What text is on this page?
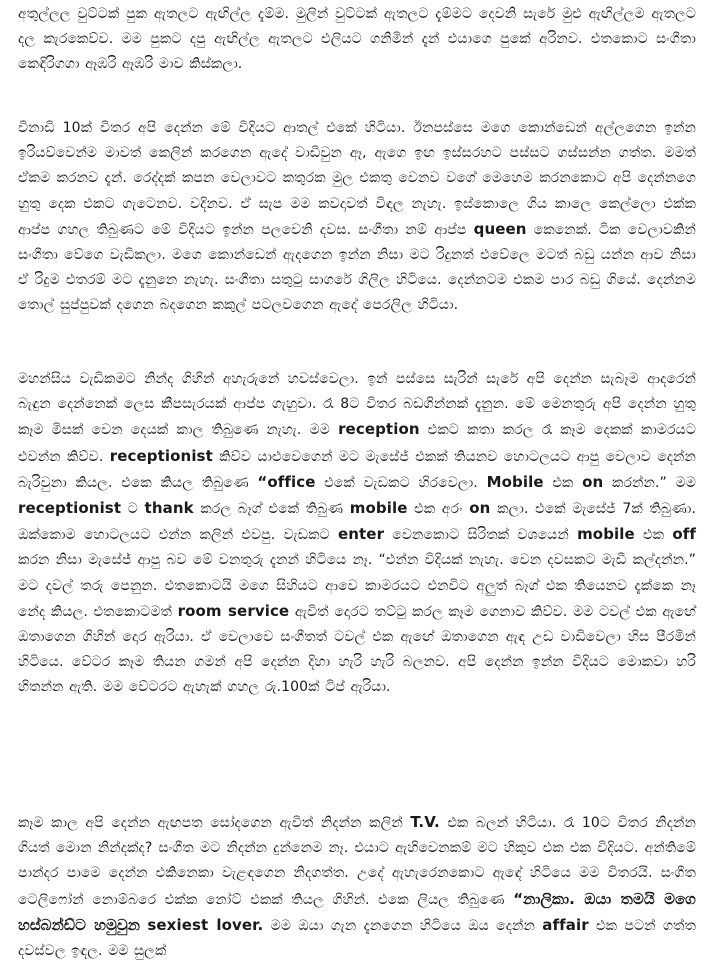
අතුල්ලල වුට්ටක් පුක ඇතලට ඇඟිල්ල දැම්ම. මුලින් වුට්ටක් ඇතලට දැම්මට දෙවනි සැරේ මුළු ඇඟිල්ලම ඇතලට දල කැරකෙව්ව. මම පුකට දපු ඇඟිල්ල ඇතලට එලියට ගනිමින් දැන් එයාගෙ පුකේ අරිනව. එතකොට සංගීතා කෙඳිරිගගා ඈඹරි ඈඹරි මාව කිස්කලා.

විනාඩි 10ක් විතර අපි දෙන්න මේ විදියට ආතල් එකේ හිටියා. ඊනපස්සෙ මගෙ කොන්ඩෙන් අල්ලගෙන ඉන්න ඉරියව්වෙන්ම මාවත් කෙලින් කරගෙන ඇදේ වාඩිවුන ඈ, ඇගෙ ඉඟ ඉස්සරහට පස්සට ගස්සන්න ගත්ත. මමත් ඒකම කරනව දැන්. රෙද්දක් කපන වෙලාවට කතුරක මුල එකතු වෙනව වගේ මෙහෙම කරනකොට අපි දෙන්නගෙ හුතු දෙක එකට ගැටෙනව. වදිනව. ඒ සැප මම කවදාවත් විඳල නැහැ. ඉස්කොලෙ ගිය කාලෙ කෙල්ලො එක්ක ආප්ප ගහල තිබුණට මේ විදියට ඉන්න පලවෙනි දවස. සංගීතා නම් ආප්ප queen කෙනෙක්. ටික වෙලාවකින් සංගීතා වේගෙ වැඩිකලා. මගෙ කොන්ඩෙන් ඇදගෙන ඉන්න නිසා මට රිදුනත් එවේලෙ මටත් බඩු යන්න ආව නිසා ඒ රිදුම එතරම් මට දැනුනෙ නැහැ. සංගීතා සතුටු සාගරේ ගිලිල හිටියෙ. දෙන්නටම එකම පාර බඩු ගියේ. දෙන්නම තොල් සුප්පුවක් දගෙන බදගෙන කකුල් පටලවගෙන ඇදේ පෙරලිල හිටියා.

මහන්සිය වැඩිකමට නින්ද ගිහින් අහැරුනේ හවස්වෙලා. ඉන් පස්සෙ සැරින් සැරේ අපි දෙන්න සැබෑම ආදරෙන් බැඳුන දෙන්නෙක් ලෙස කීපසැරයක් ආප්ප ගැහුවා. රෑ 8ට විතර බඩගින්නක් දැනුන. මේ මෙනතුරු අපි දෙන්න හුතු කෑම මිසක් වෙන දෙයක් කාල තිබුණෙ නැහැ. මම reception එකට කතා කරල රෑ කෑම දෙකක් කාමරයට එවන්න කිව්ව. receptionist කිව්ව යාළුවෙගෙන් මට මැසේජ් එකක් තියනව හොටලයට ආපු වෙලාව දෙන්න බැරිවුනා කියල. එකෙ කියල තිබුණෙ “office එකේ වැඩකට හිරවෙලා. Mobile එක on කරන්න.” මම receptionist ට thank කරල බෑග් එකේ තිබුණ mobile එක අරං on කලා. එකේ මැසේජ් 7ක් තිබුණා. ඔක්කොම හොටලයට එන්න කලින් එවපු. වැඩකට enter වෙනකොට සිරිතක් වශයෙන් mobile එක off කරන නිසා මැසේජ් ආපු බව මේ වනතුරු දැනන් හිටියෙ නෑ. “එන්න විදියක් නැහැ. වෙන දවසකට මැඩී කල්දන්න.” මට දවල් තරු පෙනුන. එතකොටයි මගෙ සිහියට ආවෙ කාමරයට එනවිට අලුත් බෑග් එක තියෙනව දැක්කෙ නෑ නේද කියල. එතකොටමත් room service ඇවිත් දොරට තට්ටු කරල කෑම ගෙනාව කිව්ව. මම ටවල් එක ඇඟේ ඔතාගෙන ගිහින් දොර ඇරියා. ඒ වෙලාවෙ සංගීතත් ටවල් එක ඇඟේ ඔතාගෙන ඇඳ උඩ වාඩිවෙලා හිස පීරමින් හිටියෙ. වේටර කෑම තියන ගමන් අපි දෙන්න දිහා හැරි හැරි බලනව. අපි දෙන්න ඉන්න විදියට මොකවා හරි හිතන්න ඇති. මම වේටරට ඇහැක් ගහල රු.100ක් ටිප් ඇරියා.

කෑම කාල අපි දෙන්න ඇඟපත සෝදගෙන ඇවිත් නිදන්න කලින් T.V. එක බලන් හිටියා. රෑ 10ට විතර නිදන්න ගියත් මොන නින්දක්ද? සංගීත මට නිදන්න දුන්නෙම නෑ. එයාට ඇහිවෙනකම් මට හිකුව එක එක විදියට. අන්තිමේ පාන්දර පාමෙ දෙන්න එකිනෙකා වැළඳගෙන නිදගත්ත. උදේ ඇහැරෙනකොට ඇඳේ හිටියෙ මම විතරයි. සංගීත ටෙලිෆෝන් නොම්බරෙ එක්ක නෝට් එකක් තියල ගිහින්. එකෙ ලියල තිබුණෙ “නාලිකා. ඔයා තමයි මගෙ හස්බන්ඩ්ට හමුවුන sexiest lover. මම ඔයා ගැන දැනගෙන හිටියෙ ඔය දෙන්න affair එක පටන් ගත්ත දවස්වල ඉඳල. මම සුලක්
